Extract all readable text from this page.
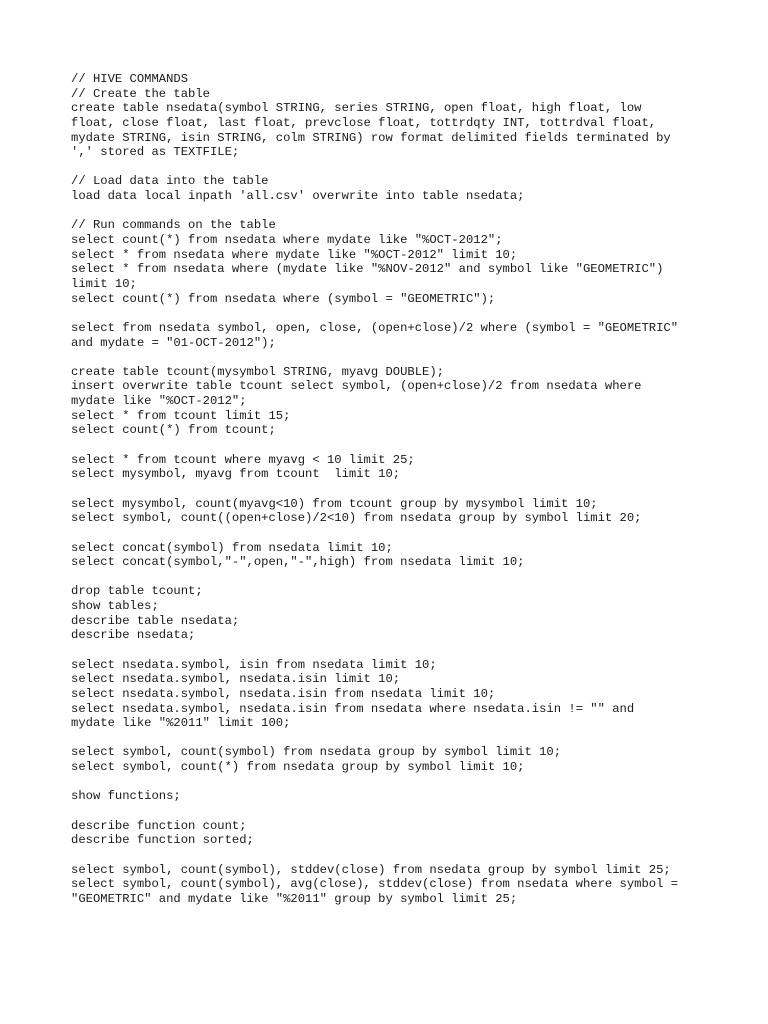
// HIVE COMMANDS
// Create the table
create table nsedata(symbol STRING, series STRING, open float, high float, low
float, close float, last float, prevclose float, tottrdqty INT, tottrdval float,
mydate STRING, isin STRING, colm STRING) row format delimited fields terminated by
',' stored as TEXTFILE;
// Load data into the table
load data local inpath 'all.csv' overwrite into table nsedata;
// Run commands on the table
select count(*) from nsedata where mydate like "%OCT-2012";
select * from nsedata where mydate like "%OCT-2012" limit 10;
select * from nsedata where (mydate like "%NOV-2012" and symbol like "GEOMETRIC")
limit 10;
select count(*) from nsedata where (symbol = "GEOMETRIC");
select from nsedata symbol, open, close, (open+close)/2 where (symbol = "GEOMETRIC"
and mydate = "01-OCT-2012");
create table tcount(mysymbol STRING, myavg DOUBLE);
insert overwrite table tcount select symbol, (open+close)/2 from nsedata where
mydate like "%OCT-2012";
select * from tcount limit 15;
select count(*) from tcount;
select * from tcount where myavg < 10 limit 25;
select mysymbol, myavg from tcount  limit 10;
select mysymbol, count(myavg<10) from tcount group by mysymbol limit 10;
select symbol, count((open+close)/2<10) from nsedata group by symbol limit 20;
select concat(symbol) from nsedata limit 10;
select concat(symbol,"-",open,"-",high) from nsedata limit 10;
drop table tcount;
show tables;
describe table nsedata;
describe nsedata;
select nsedata.symbol, isin from nsedata limit 10;
select nsedata.symbol, nsedata.isin limit 10;
select nsedata.symbol, nsedata.isin from nsedata limit 10;
select nsedata.symbol, nsedata.isin from nsedata where nsedata.isin != "" and
mydate like "%2011" limit 100;
select symbol, count(symbol) from nsedata group by symbol limit 10;
select symbol, count(*) from nsedata group by symbol limit 10;
show functions;
describe function count;
describe function sorted;
select symbol, count(symbol), stddev(close) from nsedata group by symbol limit 25;
select symbol, count(symbol), avg(close), stddev(close) from nsedata where symbol =
"GEOMETRIC" and mydate like "%2011" group by symbol limit 25;
